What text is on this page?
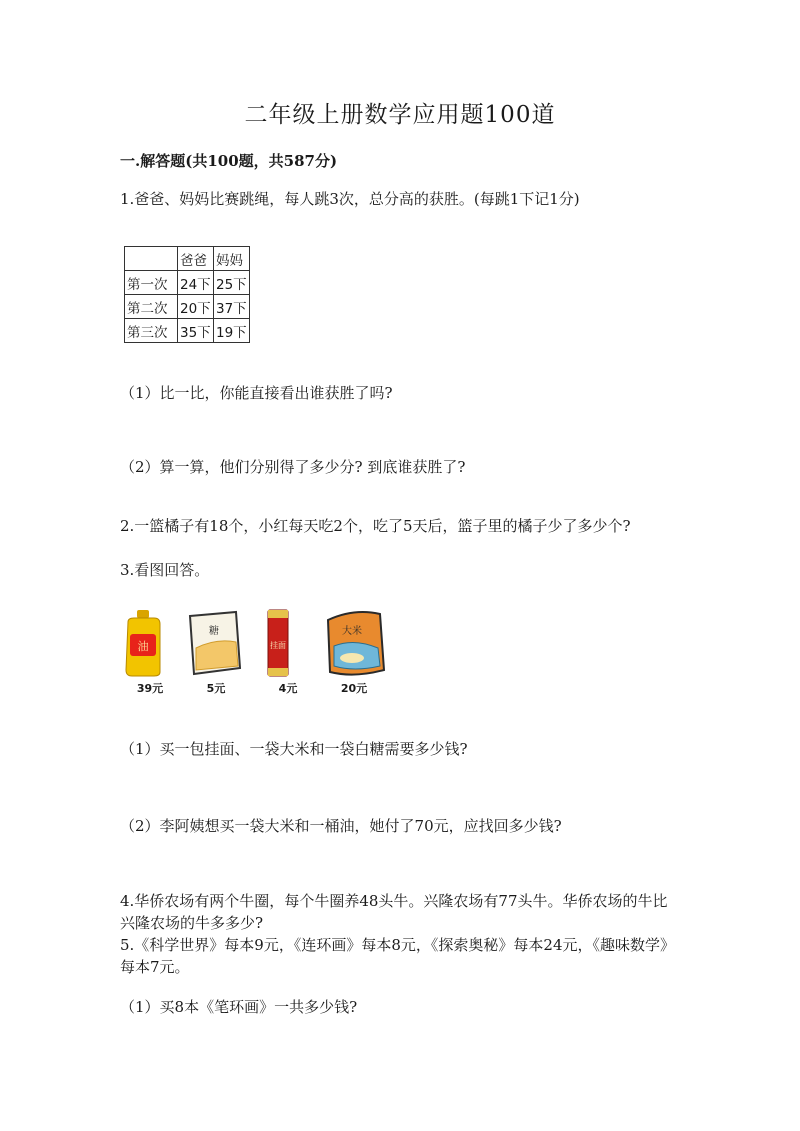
二年级上册数学应用题100道
一.解答题(共100题，共587分)
1.爸爸、妈妈比赛跳绳，每人跳3次，总分高的获胜。(每跳1下记1分)
	爸爸	妈妈
第一次	24下	25下
第二次	20下	37下
第三次	35下	19下
（1）比一比，你能直接看出谁获胜了吗?
（2）算一算，他们分别得了多少分? 到底谁获胜了?
2.一篮橘子有18个，小红每天吃2个，吃了5天后，篮子里的橘子少了多少个?
3.看图回答。
油
39元
糖
5元
挂面
4元
大米
20元
（1）买一包挂面、一袋大米和一袋白糖需要多少钱?
（2）李阿姨想买一袋大米和一桶油，她付了70元，应找回多少钱?
4.华侨农场有两个牛圈，每个牛圈养48头牛。兴隆农场有77头牛。华侨农场的牛比兴隆农场的牛多多少?
5.《科学世界》每本9元，《连环画》每本8元，《探索奥秘》每本24元，《趣味数学》每本7元。
（1）买8本《笔环画》一共多少钱?
